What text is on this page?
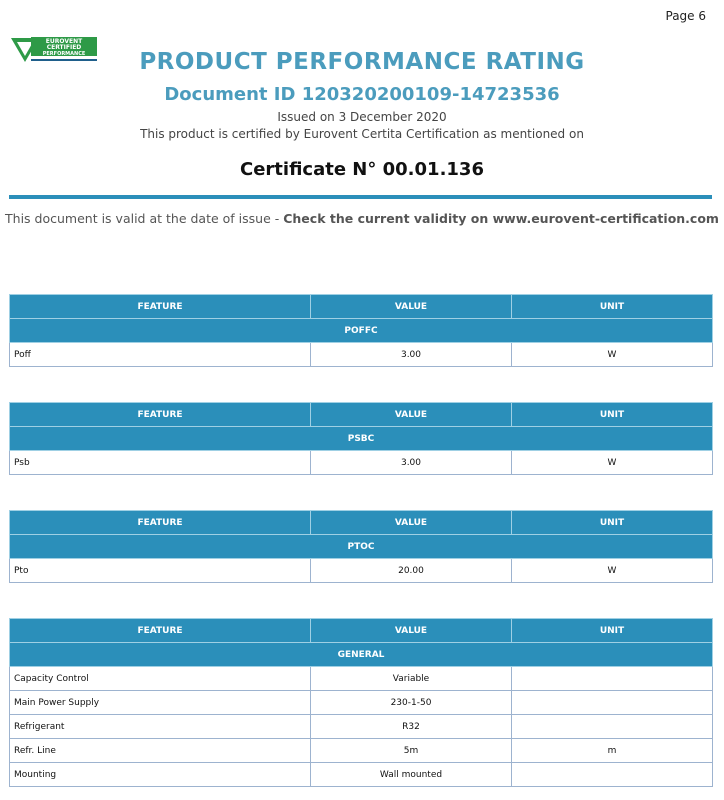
Page 6
EUROVENT
CERTIFIED
PERFORMANCE	PRODUCT PERFORMANCE RATING
Document ID 120320200109-14723536
Issued on 3 December 2020
This product is certified by Eurovent Certita Certification as mentioned on
Certificate N° 00.01.136
This document is valid at the date of issue - Check the current validity on www.eurovent-certification.com
FEATURE	VALUE	UNIT
POFFC		
Poff	3.00	W
FEATURE	VALUE	UNIT
PSBC		
Psb	3.00	W
FEATURE	VALUE	UNIT
PTOC		
Pto	20.00	W
FEATURE	VALUE	UNIT
GENERAL		
Capacity Control	Variable	
Main Power Supply	230-1-50	
Refrigerant	R32	
Refr. Line	5m	m
Mounting	Wall mounted	
